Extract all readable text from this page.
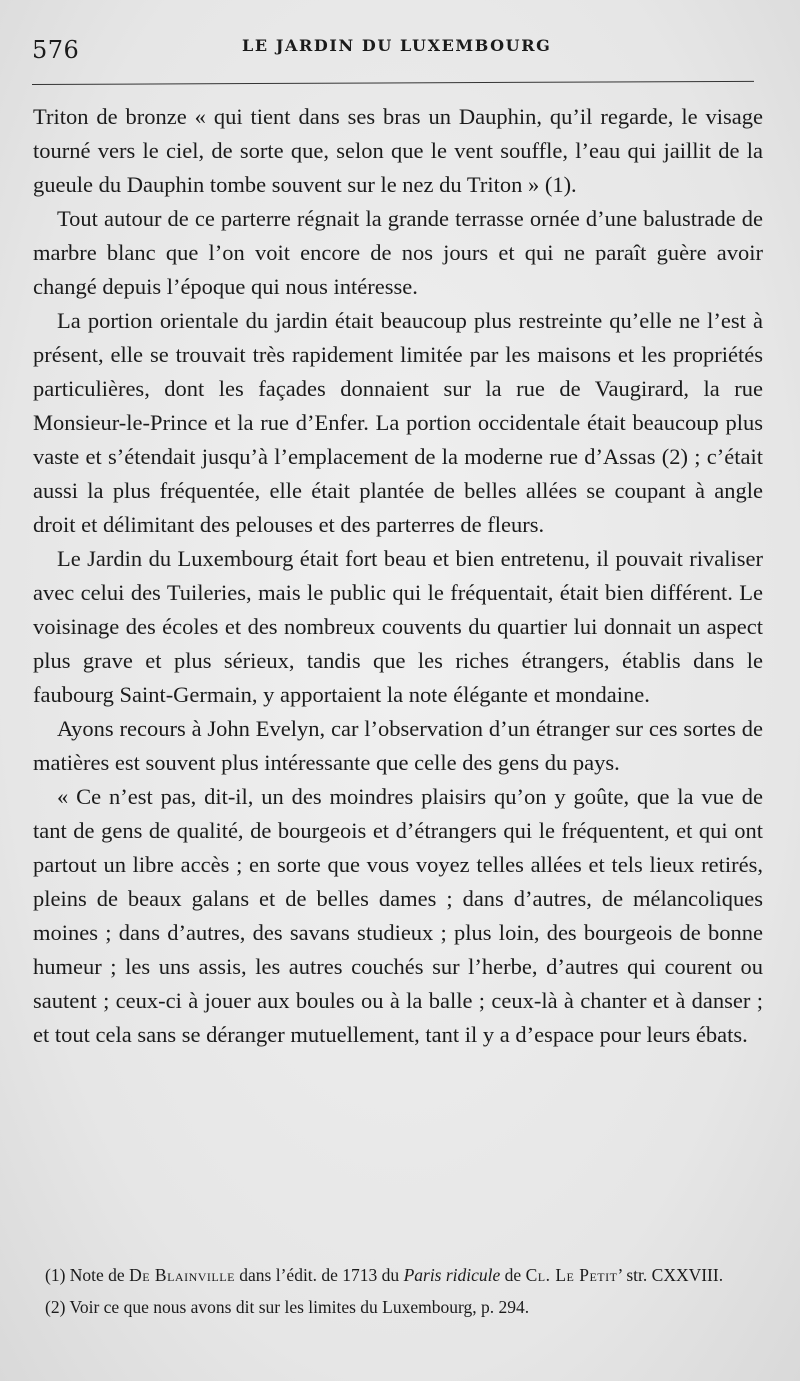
576	LE JARDIN DU LUXEMBOURG

Triton de bronze « qui tient dans ses bras un Dauphin, qu’il regarde, le visage tourné vers le ciel, de sorte que, selon que le vent souffle, l’eau qui jaillit de la gueule du Dauphin tombe souvent sur le nez du Triton » (1).

Tout autour de ce parterre régnait la grande terrasse ornée d’une balustrade de marbre blanc que l’on voit encore de nos jours et qui ne paraît guère avoir changé depuis l’époque qui nous intéresse.

La portion orientale du jardin était beaucoup plus restreinte qu’elle ne l’est à présent, elle se trouvait très rapidement limitée par les maisons et les propriétés particulières, dont les façades donnaient sur la rue de Vaugirard, la rue Monsieur-le-Prince et la rue d’Enfer. La portion occidentale était beaucoup plus vaste et s’étendait jusqu’à l’emplacement de la moderne rue d’Assas (2) ; c’était aussi la plus fréquentée, elle était plantée de belles allées se coupant à angle droit et délimitant des pelouses et des parterres de fleurs.

Le Jardin du Luxembourg était fort beau et bien entretenu, il pouvait rivaliser avec celui des Tuileries, mais le public qui le fréquentait, était bien différent. Le voisinage des écoles et des nombreux couvents du quartier lui donnait un aspect plus grave et plus sérieux, tandis que les riches étrangers, établis dans le faubourg Saint-Germain, y apportaient la note élégante et mondaine.

Ayons recours à John Evelyn, car l’observation d’un étranger sur ces sortes de matières est souvent plus intéressante que celle des gens du pays.

« Ce n’est pas, dit-il, un des moindres plaisirs qu’on y goûte, que la vue de tant de gens de qualité, de bourgeois et d’étrangers qui le fréquentent, et qui ont partout un libre accès ; en sorte que vous voyez telles allées et tels lieux retirés, pleins de beaux galans et de belles dames ; dans d’autres, de mélancoliques moines ; dans d’autres, des savans studieux ; plus loin, des bourgeois de bonne humeur ; les uns assis, les autres couchés sur l’herbe, d’autres qui courent ou sautent ; ceux-ci à jouer aux boules ou à la balle ; ceux-là à chanter et à danser ; et tout cela sans se déranger mutuellement, tant il y a d’espace pour leurs ébats.

(1) Note de De Blainville dans l’édit. de 1713 du Paris ridicule de Cl. Le Petit’ str. CXXVIII.

(2) Voir ce que nous avons dit sur les limites du Luxembourg, p. 294.
